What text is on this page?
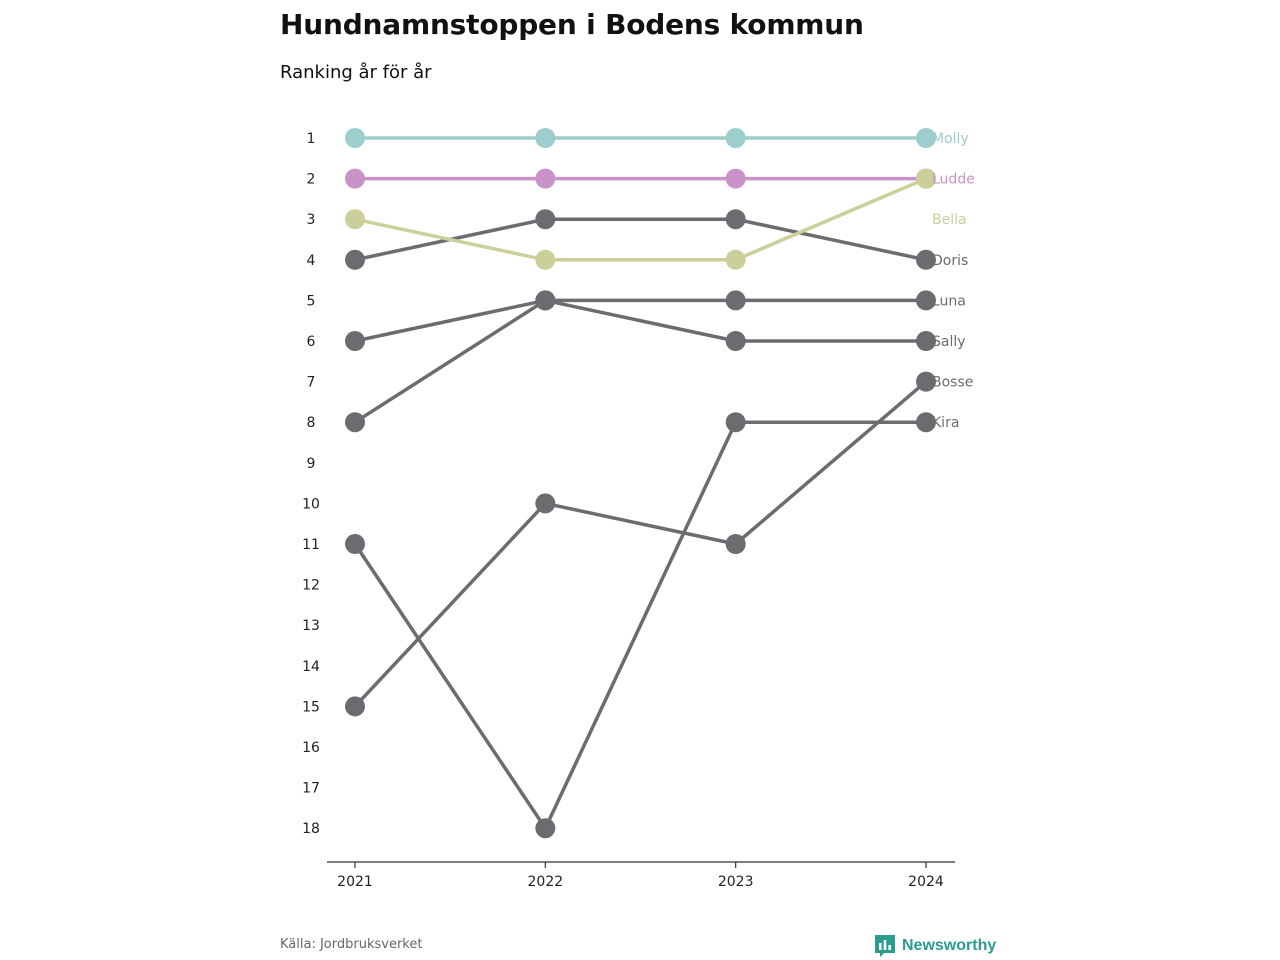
Hundnamnstoppen i Bodens kommun
Ranking år för år
1
2
3
4
5
6
7
8
9
10
11
12
13
14
15
16
17
18
2021	2022	2023	2024
Molly
Ludde
Bella
Doris
Luna
Sally
Bosse
Kira
Källa: Jordbruksverket	Newsworthy
